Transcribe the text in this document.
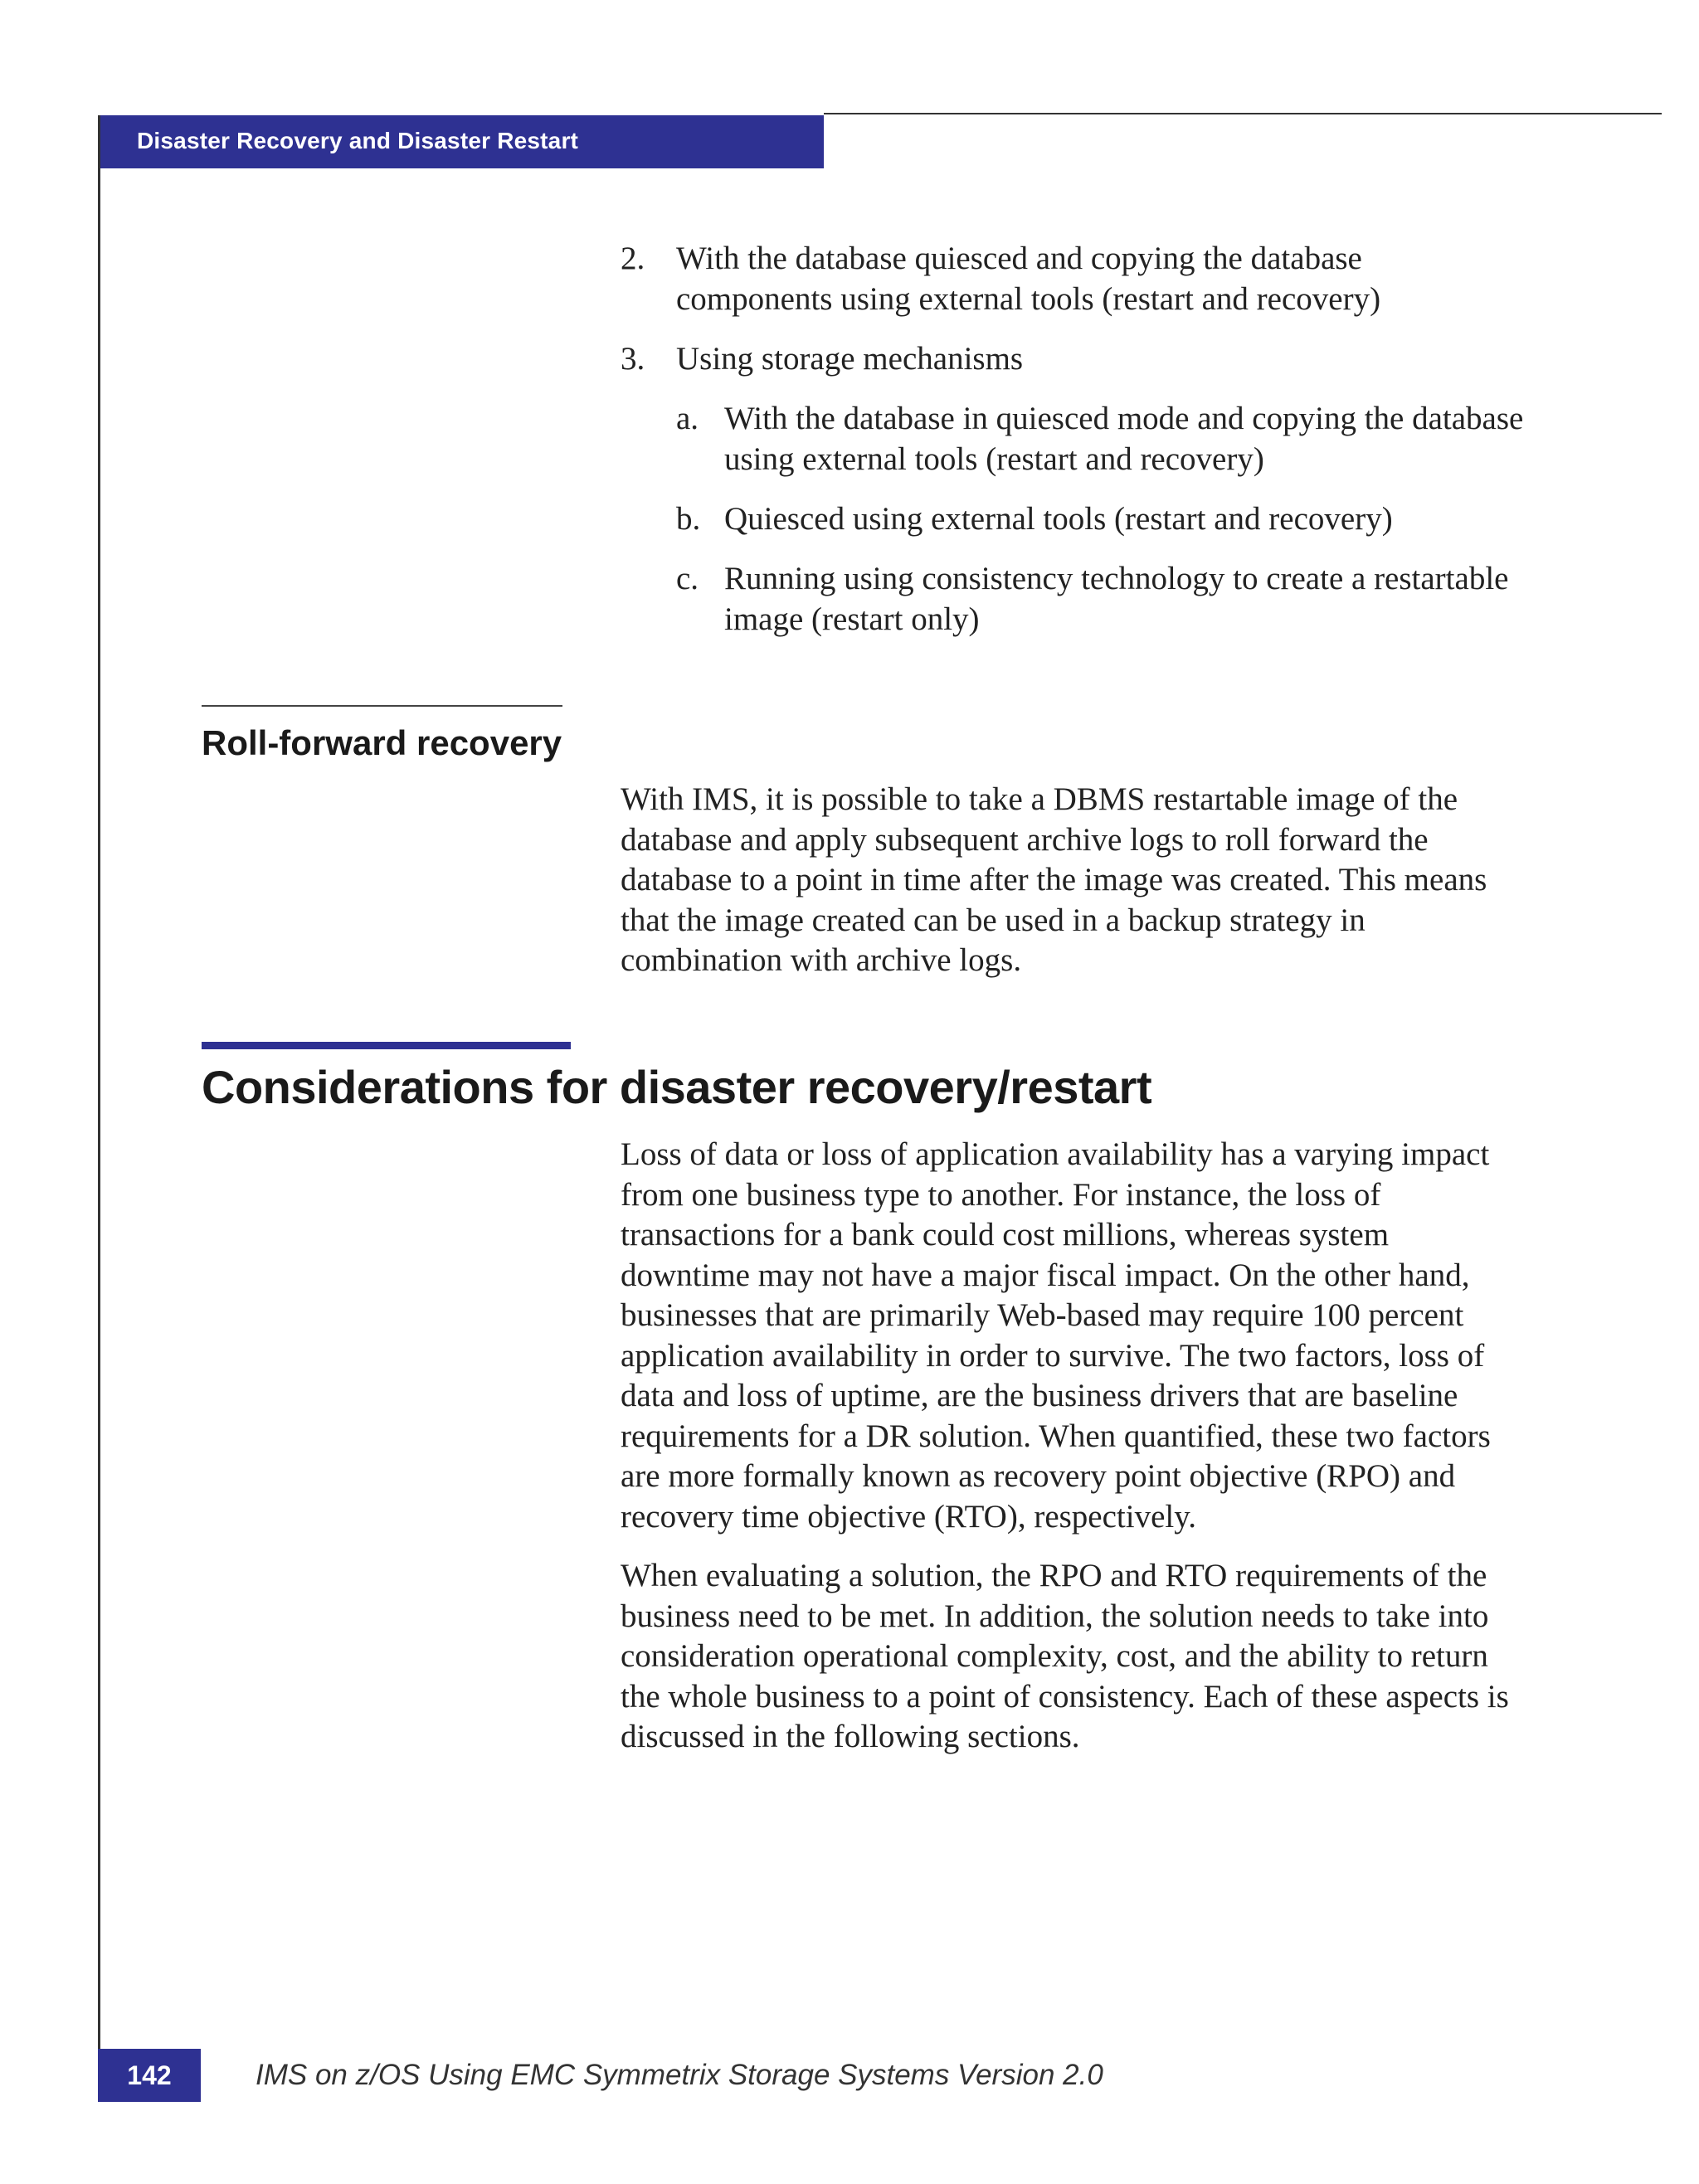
Disaster Recovery and Disaster Restart
2. With the database quiesced and copying the database
components using external tools (restart and recovery)
3. Using storage mechanisms
a. With the database in quiesced mode and copying the database
using external tools (restart and recovery)
b. Quiesced using external tools (restart and recovery)
c. Running using consistency technology to create a restartable
image (restart only)
Roll-forward recovery
With IMS, it is possible to take a DBMS restartable image of the
database and apply subsequent archive logs to roll forward the
database to a point in time after the image was created. This means
that the image created can be used in a backup strategy in
combination with archive logs.
Considerations for disaster recovery/restart
Loss of data or loss of application availability has a varying impact
from one business type to another. For instance, the loss of
transactions for a bank could cost millions, whereas system
downtime may not have a major fiscal impact. On the other hand,
businesses that are primarily Web-based may require 100 percent
application availability in order to survive. The two factors, loss of
data and loss of uptime, are the business drivers that are baseline
requirements for a DR solution. When quantified, these two factors
are more formally known as recovery point objective (RPO) and
recovery time objective (RTO), respectively.
When evaluating a solution, the RPO and RTO requirements of the
business need to be met. In addition, the solution needs to take into
consideration operational complexity, cost, and the ability to return
the whole business to a point of consistency. Each of these aspects is
discussed in the following sections.
142	IMS on z/OS Using EMC Symmetrix Storage Systems Version 2.0
